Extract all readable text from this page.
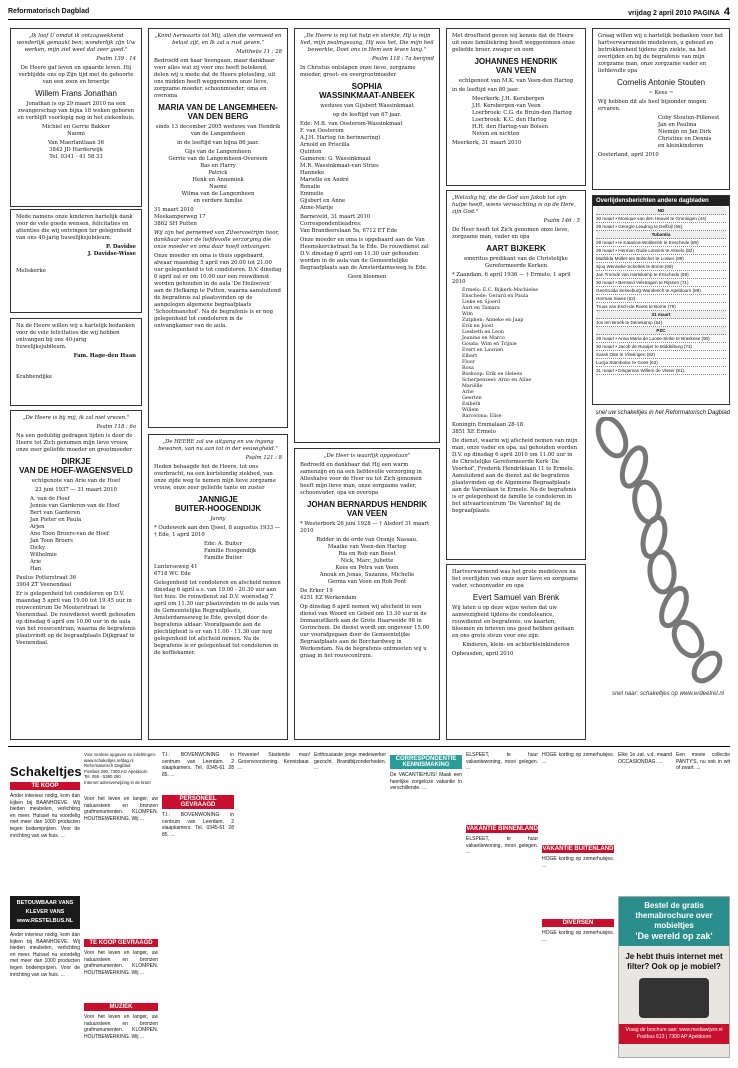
Reformatorisch Dagblad	vrijdag 2 april 2010 PAGINA 4

„Ik loof U omdat ik ontzagwekkend wonderlijk gemaakt ben; wonderlijk zijn Uw werken, mijn ziel weet dat zeer goed."

Psalm 139 : 14

De Heere gaf leven en spaarde leven. Hij verblijdde ons op Zijn tijd met de geboorte van een zoon en broertje

Willem Frans Jonathan

Jonathan is op 29 maart 2010 na een zwangerschap van bijna 18 weken geboren en verblijft voorlopig nog in het ziekenhuis.

Michiel en Gerrie Bakker
Naomi

Van Maerlantlaan 36
3842 JD Harderwijk
Tel. 0341 - 41 58 33

Mede namens onze kinderen hartelijk dank voor de vele goede wensen, felicitaties en attenties die wij ontvingen ter gelegenheid van ons 40-jarig huwelijksjubileum.

P. Davidse
J. Davidse-Wisse

Meliskerke

Na de Heere willen wij u hartelijk bedanken voor de vele felicitaties die wij hebben ontvangen bij ons 40-jarig huwelijksjubileum.

Fam. Hage-den Haan

Krabbendijke

„De Heere is bij mij, ik zal niet vrezen."

Psalm 118 : 6a

Na een geduldig gedragen lijden is door de Heere tot Zich genomen mijn lieve vrouw, onze zeer geliefde moeder en grootmoeder

DIRKJE
VAN DE HOEF-WAGENSVELD

echtgenote van Arie van de Hoef

23 juni 1937 — 31 maart 2010

A. van de Hoef
Jennie van Garderen-van de Hoef
Bert van Garderen
Jan Pieter en Paula
Arjen
Ano Toon Broers-van de Hoef
Jan Toon Broers
Dicky
Wilhelmie
Arie
Han

Paulus Potterstraat 36
3904 ZT Veenendaal

Er is gelegenheid tot condoleren op D.V. maandag 5 april van 19.00 tot 19.45 uur in rouwcentrum De Mouterstraat te Veenendaal. De rouwdienst wordt gehouden op dinsdag 6 april om 10.00 uur in de aula van het rouwcentrum, waarna de begrafenis plaatsvindt op de begraafplaats Dijkgraaf te Veenendaal.

„Komt herwaarts tot Mij, allen die vermoeid en belast zijt, en Ik zal u rust geven."

Mattheüs 11 : 28

Bedroefd om haar heengaan, maar dankbaar voor alles wat zij voor ons heeft betekend, delen wij u mede dat de Heere plotseling, uit ons midden heeft weggenomen onze lieve, zorgzame moeder, schoonmoeder, oma en overoma

MARIA VAN DE LANGEMHEEN-VAN DEN BERG

sinds 13 december 2005 weduwe van Hendrik van de Langemheen

in de leeftijd van bijna 86 jaar.

Gijs van de Langemheen
Gerrie van de Langemheen-Overeem
Bas en Harry
Patrick
Henk en Annemiek
Naomi
Wilma van de Langemheen
en verdere familie

31 maart 2010
Meekamperweg 17
3862 SH Putten

Wij zijn het pernemed van Zilvervoetrijm hoor, dankbaar voor de liefdevolle verzorging die onze moeder en oma daar hoeft ontvangen.

Onze moeder en oma is thuis opgebaard, alwaar maandag 5 april van 20.00 tot 21.00 uur gelegenheid is tot condoleren. D.V. dinsdag 6 april zal er om 10.00 uur een rouwdienst worden gehouden in de aula 'De Heiloeven' aan de Hefkamp te Putten, waarna aansluitend de begrafenis zal plaatsvinden op de aangelegen algemene begraafplaats 'Schootmanshof'. Na de begrafenis is er nog gelegenheid tot condoleren in de ontvangkamer van de aula.

„De HEERE zal uw uitgang en uw ingang bewaren, van nu aan tot in der eeuwigheid."

Psalm 121 : 8

Heden behaagde het de Heere, tot ons overbracht, na een kortstondig ziekbed, van onze zijde weg te nemen mijn lieve zorgzame vrouw, onze zeer geliefde tante en zuster

JANNIGJE
BUITER-HOOGENDIJK

Janny

* Oudewerk aan den IJssel, 8 augustus 1933 — † Ede, 1 april 2010

Ede: A. Buiter
Familie Hoogendijk
Familie Buiter

Lunterseweg 41
6718 WC Ede

Gelegenheid tot condoleren en afscheid nemen dinsdag 6 april a.s. van 19.00 - 20.30 uur aan het huis. De rouwdienst zal D.V. woensdag 7 april om 11.30 uur plaatsvinden in de aula van de Gemeentelijke Begraafplaats, Amsterdamseweg te Ede, gevolgd door de begrafenis aldaar. Voorafgaande aan de plechtigheid is er van 11.00 - 11.30 uur nog gelegenheid tot afscheid nemen. Na de begrafenis is er gelegenheid tot condoleren in de koffiekamer.

„De Heere is mij tot hulp en sterkte, Hij is mijn lied, mijn psalmgezang, Hij was het, Die mijn heil bewerkte, Doet ons in Hem een leven lang."

Psalm 118 : 7a berijmd

In Christus ontslapen onze lieve, zorgzame moeder, groot- en overgrootmoeder

SOPHIA
WASSINKMAAT-ANBEEK

weduwe van Gijsbert Wassinkmaat

op de leeftijd van 67 jaar.

Ede: M.B. van Oosterom-Wassinkmaat
F. van Oosterom
A.J.H. Hartog (in herinnering)
Arnold en Priscilla
Quinton
Gameren: G. Wassinkmaat
M.R. Wassinkmaat-van Stries
Hanneke
Marielle en André
Ronalie
Emmelie
Gijsbert en Anne
Anne-Marije

Barneveld, 31 maart 2010
Correspondentieadres:
Van Brandeerslaan 5a, 6712 ET Ede

Onze moeder en oma is opgebaard aan de Van Heemskerckstraat 5a te Ede. De rouwdienst zal D.V. dinsdag 6 april om 11.30 uur gehouden worden in de aula van de Gemeentelijke Begraafplaats aan de Amsterdamseweg te Ede.

Geen bloemen

„De Heer is waarlijk opgestaan"

Bedroefd en dankbaar dat Hij een warm samenzijn en na een liefdevolle verzorging in Alleshalve voor de Heer nu tot Zich genomen heeft mijn lieve man, onze zorgzame vader, schoonvader, opa en overopa

JOHAN BERNARDUS HENDRIK
VAN VEEN

* Westerbork 26 juni 1928 — † Alsdorf 31 maart 2010

Ridder in de orde van Oranje Nassau.
Maaike van Veen-den Hartog
Ria en Rob van Beest
Nick, Marc, Juliette
Kees en Petra van Veen
Anouk en Jonas, Suzanne, Michelle
Germa van Veen en Rob Pont

De Erker 19
4251 EZ Werkendam

Op dinsdag 6 april nemen wij afscheid in een dienst van Woord en Gebed om 13.30 uur in de Immanuëlkerk aan de Grote Haarweide 98 in Gorinchem. De dienst wordt om ongeveer 15.00 uur voorafgegaan door de Gemeentelijke Begraafplaats aan de Borchardweg in Werkendam. Na de begrafenis ontmoeten wij u graag in het rouwcentrum.

Met droefheid geven wij kennis dat de Heere uit onze familiekring heeft weggenomen onze geliefde broer, zwager en oom

JOHANNES HENDRIK
VAN VEEN

echtgenoot van M.K. van Veen-den Hartog

in de leeftijd van 80 jaar.

Meerkerk: J.H. Kersbergen
J.H. Kersbergen-van Veen
Loerbroek: C.G. de Bruin-den Hartog
Loerbroek: K.C. den Hartog
H.H. den Hartog-van Bolsen
Neven en nichten

Meerkerk, 31 maart 2010

„Welzalig hij, die de God van Jakob tot zijn hulpe heeft, wiens verwachting is op de Here, zijn God."

Psalm 146 : 5

De Heer heeft tot Zich genomen onze lieve, zorgzame man, vader en opa

AART BIJKERK

emeritus predikant van de Christelijke Gereformeerde Kerken

* Zaandam, 6 april 1936 — † Ermelo, 1 april 2010

Ermelo: E.C. Bijkerk-Machielse
Enschede: Gerard en Paula
Lieke en Sjoerd
Aart en Tamara
Wim
Zutphen: Anneke en Jaap
Erik en Joost
Liesbeth en Leon
Jeanine en Marco
Gouda: Wim en Trijnie
Evert en Laurien
Elbert
Floor
Rosa
Boskoop: Erik en Heleen
Scherpenzeel: Arno en Aline
Mariëlle
Arne
Geerten
Esibeth
Willem
Barcelona: Elise

Koningin Emmalaan 28-18
3851 XE Ermelo

De dienst, waarin wij afscheid nemen van mijn man, onze vader en opa, zal gehouden worden D.V. op dinsdag 6 april 2010 om 11.00 uur in de Christelijke Gereformeerde Kerk 'De Voorhof', Frederik Hendriklaan 11 te Ermelo. Aansluitend aan de dienst zal de begrafenis plaatsvinden op de Algemene Begraafplaats aan de Varenlaan te Ermelo. Na de begrafenis is er gelegenheid de familie te condoleren in het uitvaartcentrum 'De Varenhof' bij de begraafplaats.

Hartverwarmend was het grote medeleven na het overlijden van onze zeer lieve en zorgzame vader, schoonvader en opa

Evert Samuel van Brenk

Wij laten u op deze wijze weten dat uw aanwezigheid tijdens de condoleance, rouwdienst en begrafenis, uw kaarten, bloemen en brieven ons goed hebben gedaan en ons grote steun voor ons zijn.

Kinderen, klein- en achterkleinkinderen

Opheusden, april 2010

Graag willen wij u hartelijk bedanken voor het hartverwarmende medeleven, u gebeed en betrokkenheid tijdens zijn ziekte, na het overlijden en bij de begrafenis van mijn zorgzame man, onze zorgzame vader en liefdevolle opa

Cornelis Antonie Stouten

~ Kees ~

Wij hebben dit als heel bijzonder mogen ervaren.

Coby Stouten-Pillenest
Jan en Paulina
Niemijn en Jan Dirk
Christine en Dennis
en kleinkinderen

Oosterland, april 2010

Overlijdensberichten andere dagbladen
ND
30 maart • Monique van den Heuvel te Groningen (44)
29 maart • Georgie Leadrog te Delfzijl (58).
Tubantia
28 maart • Ie Katarina-Wolderink te Enschede (89)
29 maart • Herman Oude Lansink te Almelo (82)
Mathilda Müller-ten Bolscher te Losser (89)
Sjoq Wenneke-Scheltes te Borne (69)
Jan Tromde van Hartskamp te Enschede (69)
30 maart • Bernard Velstragen te Rijssen (71)
Geertruida Sesseburg-Wanderich te Apeldoorn (89)
Herman Siwes (62)
Truus van Esch-de Roest te Borne (79)
31 maart
Jos ten Broek te Denekamp (54).
PZC
29 maart • Anna Maria de Loose-Sinke te Braskese (90)
30 maart • Jacob de Ruwijer te Middelburg (73)
Sarah Otte te Vlissingen (82)
Lucija Stambolac te Goes (62)
31 maart • Dingeman Willem de Visser (81).
snel uw schakeltjes in het Reformatorisch Dagblad
snel naar: schakeltjes op www.erdeetrel.nl
Schakeltjes
TE KOOP
Ander interieur nodig, kom dan kijken bij BAANHOEVE. Wij bieden meubelen, verlichting en meer. Huissel nu voordelig met meer dan 1000 producten tegen bodemprijzen. Voor de inrichting van uw huis. ...
BETOUWBAAR VANS
KLEVER VANS
www.RESTELBUS.NL
Ander interieur nodig, kom dan kijken bij BAANHOEVE. Wij bieden meubelen, verlichting en meer. Huissel nu voordelig met meer dan 1000 producten tegen bodemprijzen. Voor de inrichting van uw huis. ...
Voor verdere opgaven en inlichtingen: www.schakeltjes.refdag.nl
Reformatorisch Dagblad
Postbus 290, 7300 AG Apeldoorn
Tel. 055 - 5390 290
Internet adresverwijzing in de krant
Voor het leven en langer, uw natuursteen en bronzen grafmonumenten. KLOMPEN. HOUTBEWERKING. Wij ...
TE KOOP GEVRAAGD
Voor het leven en langer, uw natuursteen en bronzen grafmonumenten. KLOMPEN. HOUTBEWERKING. Wij ...
MUZIEK
Voor het leven en langer, uw natuursteen en bronzen grafmonumenten. KLOMPEN. HOUTBEWERKING. Wij ...
T.I.: BOVENWONING in centrum van Leerdam. 2 slaapkamers. Tel. 0345-61 28 85. ...
PERSONEEL GEVRAAGD
T.I.: BOVENWONING in centrum van Leerdam. 2 slaapkamers. Tel. 0345-61 28 85. ...
Hovenier! Startende man! Groenvoorziening. Kennisbaar. ...
Enthousiaste jonge medewerker gezocht. Brandbijzonderheden. ...
CORRESPONDENTIE KENNISMAKING
De VACANTIEHUIS! Maak een heerlijke zorgeloze vakantie in verschillende. ...
ELSPEET, te huur vakantiewoning, mooi gelegen. ...
VAKANTIE BINNENLAND
ELSPEET, te huur vakantiewoning, mooi gelegen. ...
HOGE korting op zomerhuisjes. ...
VAKANTIE BUITENLAND
HOGE korting op zomerhuisjes. ...
DIVERSEN
HOGE korting op zomerhuisjes. ...
Elke 1e zat. v.d. maand OCCASIONDAG. ...
Een mooie collectie PANTY'S, nu ook in wit of zwart. ...
Bestel de gratis themabrochure over mobieltjes
'De wereld op zak'
Je hebt thuis internet met filter? Ook op je mobiel?
Vraag de brochure aan: www.mediawijzer.nl
Postbus 613 | 7300 AP Apeldoorn
